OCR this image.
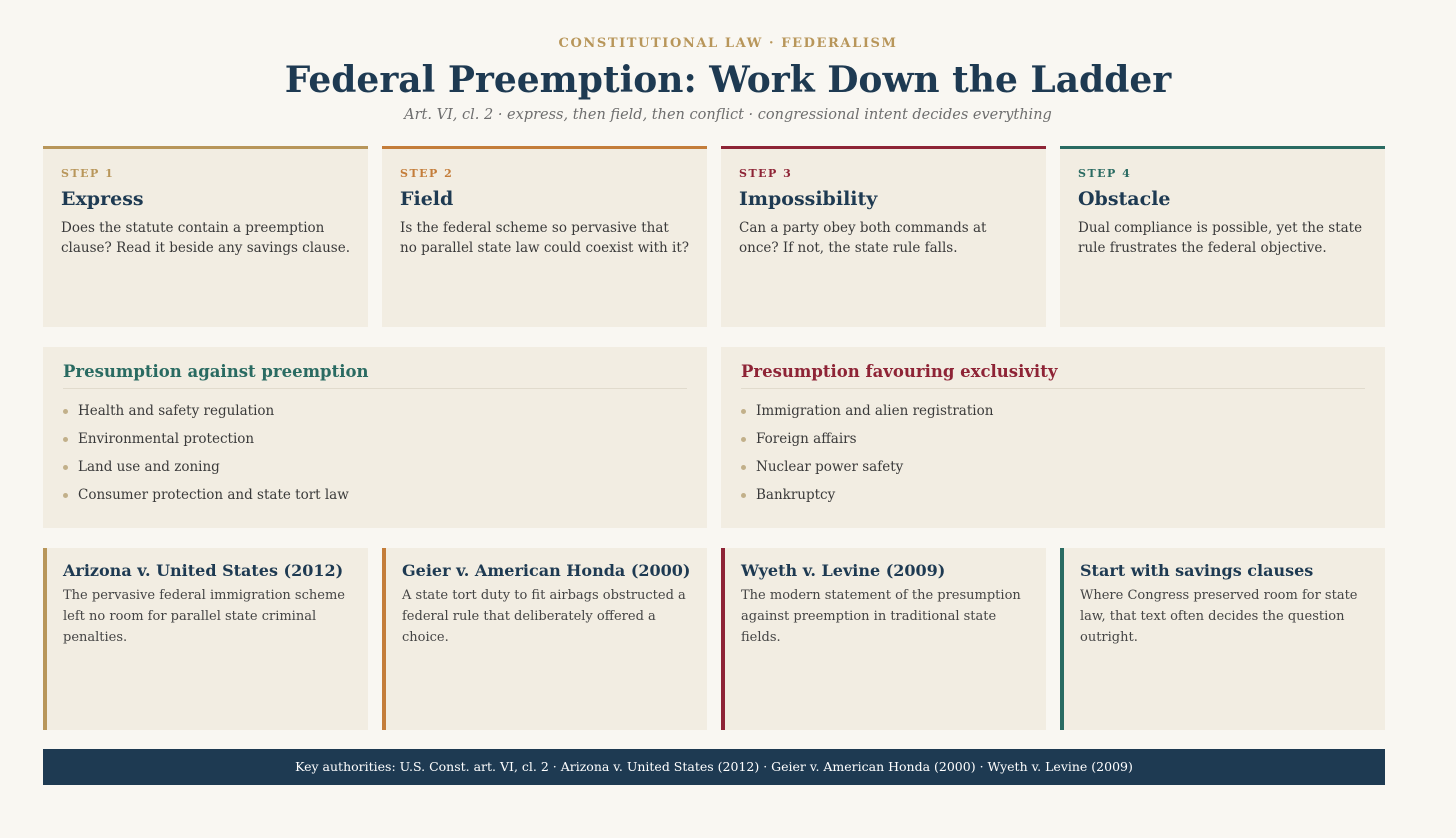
CONSTITUTIONAL LAW · FEDERALISM
Federal Preemption: Work Down the Ladder
Art. VI, cl. 2 · express, then field, then conflict · congressional intent decides everything
STEP 1
Express
Does the statute contain a preemption clause? Read it beside any savings clause.
STEP 2
Field
Is the federal scheme so pervasive that no parallel state law could coexist with it?
STEP 3
Impossibility
Can a party obey both commands at once? If not, the state rule falls.
STEP 4
Obstacle
Dual compliance is possible, yet the state rule frustrates the federal objective.
Presumption against preemption
Health and safety regulation
Environmental protection
Land use and zoning
Consumer protection and state tort law
Presumption favouring exclusivity
Immigration and alien registration
Foreign affairs
Nuclear power safety
Bankruptcy
Arizona v. United States (2012)
The pervasive federal immigration scheme left no room for parallel state criminal penalties.
Geier v. American Honda (2000)
A state tort duty to fit airbags obstructed a federal rule that deliberately offered a choice.
Wyeth v. Levine (2009)
The modern statement of the presumption against preemption in traditional state fields.
Start with savings clauses
Where Congress preserved room for state law, that text often decides the question outright.
Key authorities: U.S. Const. art. VI, cl. 2 · Arizona v. United States (2012) · Geier v. American Honda (2000) · Wyeth v. Levine (2009)
